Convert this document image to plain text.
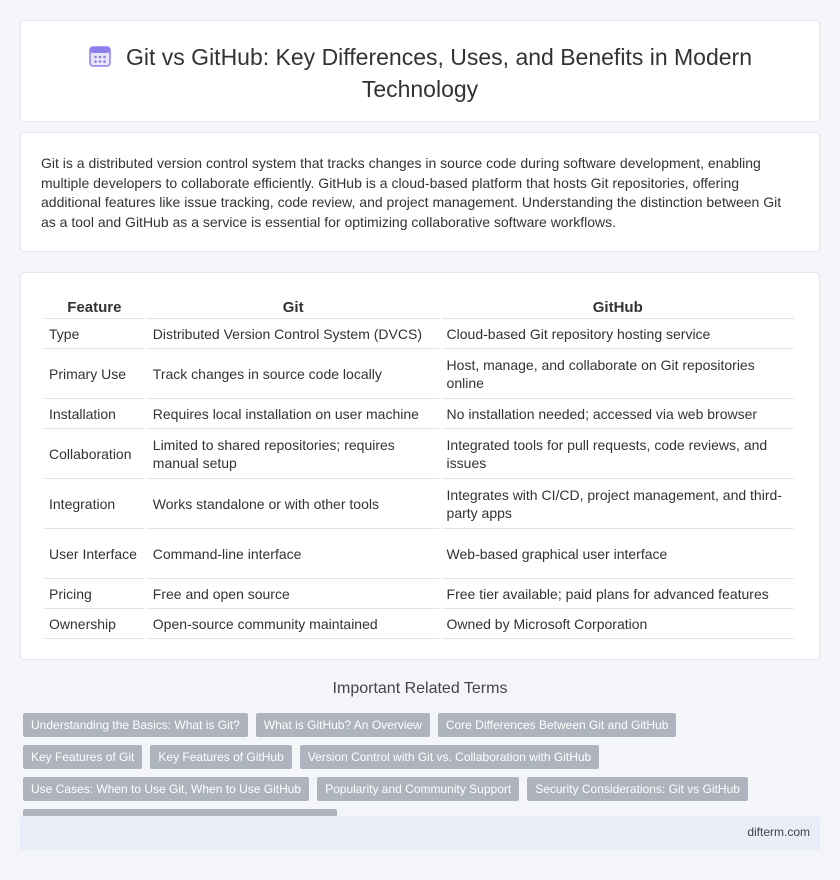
Git vs GitHub: Key Differences, Uses, and Benefits in Modern Technology

Git is a distributed version control system that tracks changes in source code during software development, enabling multiple developers to collaborate efficiently. GitHub is a cloud-based platform that hosts Git repositories, offering additional features like issue tracking, code review, and project management. Understanding the distinction between Git as a tool and GitHub as a service is essential for optimizing collaborative software workflows.

Feature	Git	GitHub
Type	Distributed Version Control System (DVCS)	Cloud-based Git repository hosting service
Primary Use	Track changes in source code locally	Host, manage, and collaborate on Git repositories online
Installation	Requires local installation on user machine	No installation needed; accessed via web browser
Collaboration	Limited to shared repositories; requires manual setup	Integrated tools for pull requests, code reviews, and issues
Integration	Works standalone or with other tools	Integrates with CI/CD, project management, and third-party apps
User Interface	Command-line interface	Web-based graphical user interface
Pricing	Free and open source	Free tier available; paid plans for advanced features
Ownership	Open-source community maintained	Owned by Microsoft Corporation
Important Related Terms
Understanding the Basics: What is Git?	What is GitHub? An Overview	Core Differences Between Git and GitHub
Key Features of Git	Key Features of GitHub	Version Control with Git vs. Collaboration with GitHub
Use Cases: When to Use Git, When to Use GitHub	Popularity and Community Support	Security Considerations: Git vs GitHub
difterm.com
